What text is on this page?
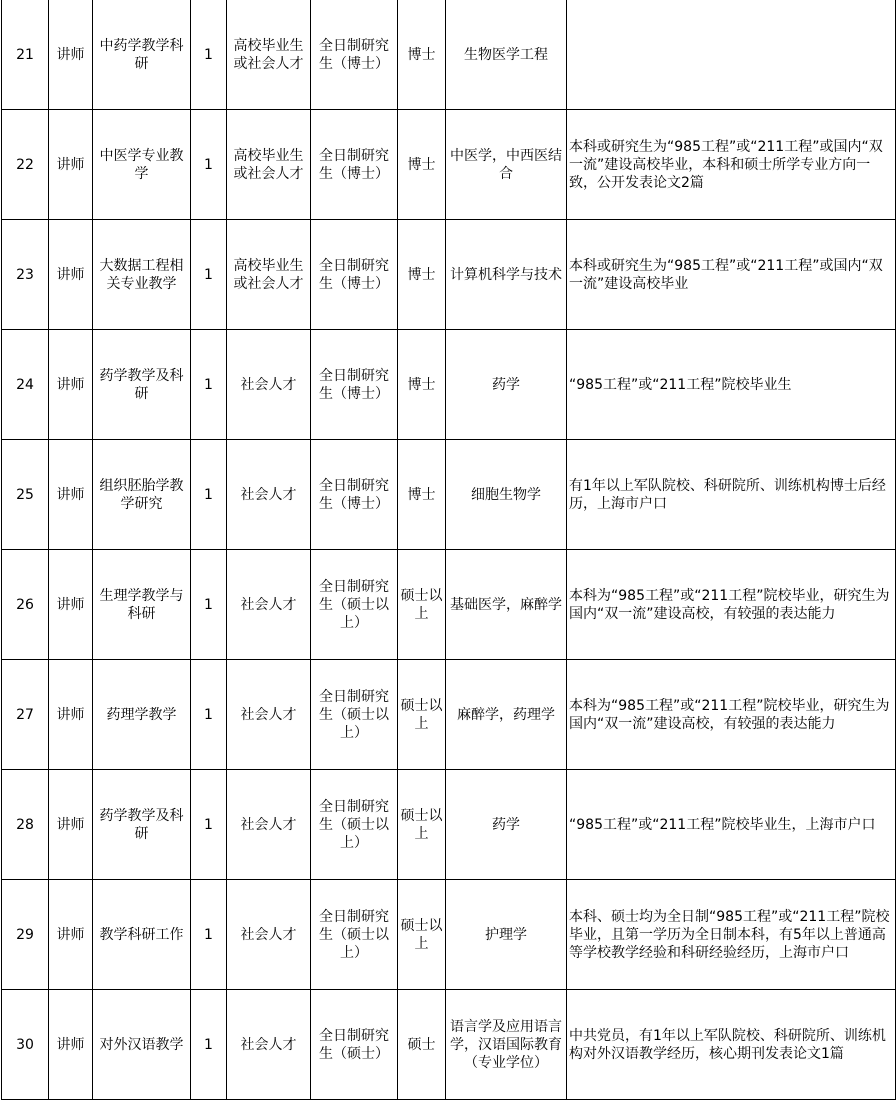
21	讲师	中药学教学科研	1	高校毕业生或社会人才	全日制研究生（博士）	博士	生物医学工程	
22	讲师	中医学专业教学	1	高校毕业生或社会人才	全日制研究生（博士）	博士	中医学，中西医结合	本科或研究生为“985工程”或“211工程”或国内“双一流”建设高校毕业，本科和硕士所学专业方向一致，公开发表论文2篇
23	讲师	大数据工程相关专业教学	1	高校毕业生或社会人才	全日制研究生（博士）	博士	计算机科学与技术	本科或研究生为“985工程”或“211工程”或国内“双一流”建设高校毕业
24	讲师	药学教学及科研	1	社会人才	全日制研究生（博士）	博士	药学	“985工程”或“211工程”院校毕业生
25	讲师	组织胚胎学教学研究	1	社会人才	全日制研究生（博士）	博士	细胞生物学	有1年以上军队院校、科研院所、训练机构博士后经历，上海市户口
26	讲师	生理学教学与科研	1	社会人才	全日制研究生（硕士以上）	硕士以上	基础医学，麻醉学	本科为“985工程”或“211工程”院校毕业，研究生为国内“双一流”建设高校，有较强的表达能力
27	讲师	药理学教学	1	社会人才	全日制研究生（硕士以上）	硕士以上	麻醉学，药理学	本科为“985工程”或“211工程”院校毕业，研究生为国内“双一流”建设高校，有较强的表达能力
28	讲师	药学教学及科研	1	社会人才	全日制研究生（硕士以上）	硕士以上	药学	“985工程”或“211工程”院校毕业生，上海市户口
29	讲师	教学科研工作	1	社会人才	全日制研究生（硕士以上）	硕士以上	护理学	本科、硕士均为全日制“985工程”或“211工程”院校毕业，且第一学历为全日制本科，有5年以上普通高等学校教学经验和科研经验经历，上海市户口
30	讲师	对外汉语教学	1	社会人才	全日制研究生（硕士）	硕士	语言学及应用语言学，汉语国际教育（专业学位）	中共党员，有1年以上军队院校、科研院所、训练机构对外汉语教学经历，核心期刊发表论文1篇
